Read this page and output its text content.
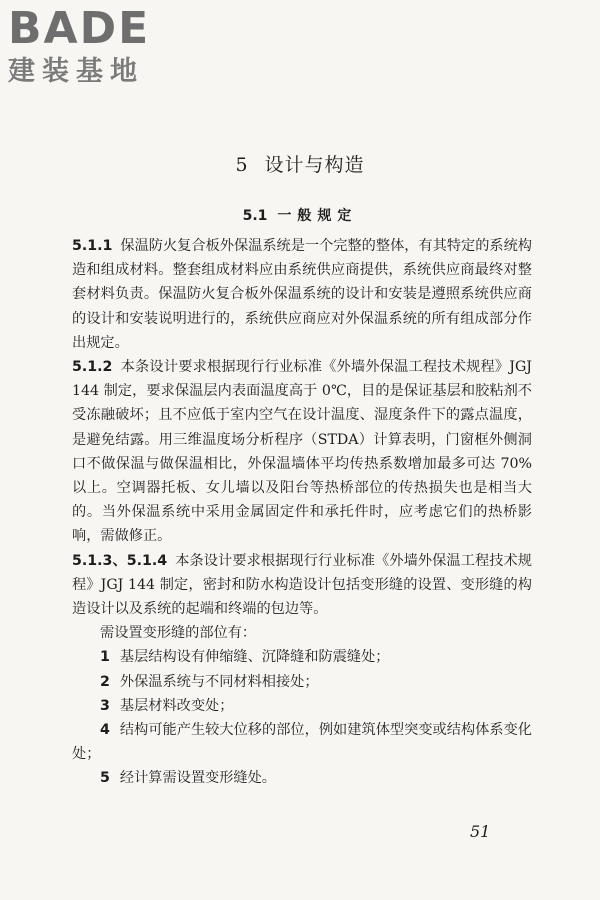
BADE
建装基地
5 设计与构造
5.1 一般规定

5.1.1 保温防火复合板外保温系统是一个完整的整体，有其特定的系统构造和组成材料。整套组成材料应由系统供应商提供，系统供应商最终对整套材料负责。保温防火复合板外保温系统的设计和安装是遵照系统供应商的设计和安装说明进行的，系统供应商应对外保温系统的所有组成部分作出规定。

5.1.2 本条设计要求根据现行行业标准《外墙外保温工程技术规程》JGJ 144 制定，要求保温层内表面温度高于 0℃，目的是保证基层和胶粘剂不受冻融破坏；且不应低于室内空气在设计温度、湿度条件下的露点温度，是避免结露。用三维温度场分析程序（STDA）计算表明，门窗框外侧洞口不做保温与做保温相比，外保温墙体平均传热系数增加最多可达 70% 以上。空调器托板、女儿墙以及阳台等热桥部位的传热损失也是相当大的。当外保温系统中采用金属固定件和承托件时，应考虑它们的热桥影响，需做修正。

5.1.3、5.1.4 本条设计要求根据现行行业标准《外墙外保温工程技术规程》JGJ 144 制定，密封和防水构造设计包括变形缝的设置、变形缝的构造设计以及系统的起端和终端的包边等。

需设置变形缝的部位有：

1 基层结构设有伸缩缝、沉降缝和防震缝处；

2 外保温系统与不同材料相接处；

3 基层材料改变处；

4 结构可能产生较大位移的部位，例如建筑体型突变或结构体系变化处；

5 经计算需设置变形缝处。

51
